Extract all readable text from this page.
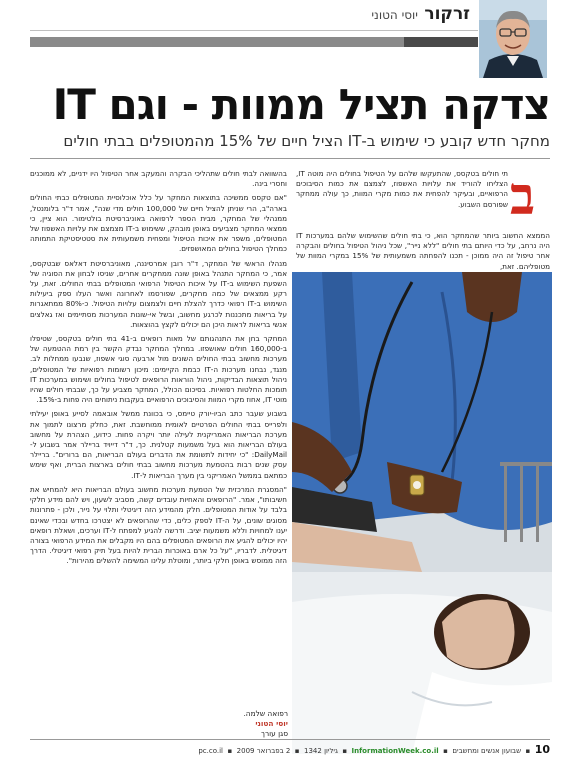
זרקור
יוסי הטוני
צדקה תציל ממוות - וגם IT
מחקר חדש קובע כי שימוש ב-IT הציל חיים של 15% מהמטופלים בבתי חולים
ב

תי חולים בטקסס, שהתעקשו שלהם על הטיפול בחולים היה מוטה IT, הצליחו להוריד את עלויות האשפוז, לצמצם את כמות הסיבוכים הרפואיים, ובעיקר להפחית את כמות מקרי המוות, כך עולה ממחקר שפורסם השבוע.

הממצא החשוב ביותר שהמחקר הוא, כי בתי חולים שהשימוש שלהם במערכות IT היה נרחב, על כדי היותם בתי חולים "ללא נייר", שכל ניהול הטיפול בחולים והבקרה אחר טיפול זה היה ממוכן - תכנו להפחתה משמעותית של 15% במקרי המוות של מטופליהם. זאת,

בהשוואה לבתי חולים שתהליכי הבקרה והמעקב אחר הטיפול היו ידניים, לא ממוכנים וחסרי בינה.

"אם טקסס ממשיכה בתוצאות המחקר על כלל אוכלוסיית המטופלים כבתי החולים בארה"ב, הרי שניתן להציל חיים של 100,000 חולים מדי שנה", אמר ד"ר בלומנטל, ממנהלי של המחקר, מבית הספר לרפואה באוניברסיטת בולטימור. הוא ציין, כי ממצאי המחקר מצביעים באופן מובהק, ששימוש ב-IT מצמצם את עלויות האשפוז של המטופלים, משפר את איכות הטיפול ומפחית משמעותית את סטטיסטיקת התמותה כמחלך הטיפול בחולים המאושפזים.

מנהלו הראשי של המחקר, ד"ר רובן אמרסיננה, מאוניברסיטת דאלאס שבטקסס, אמר, כי המחקר התנהל באופן שונה ממחקרים אחרים, שניסו לבחון את הסוגיה של השפעת השימוש ב-IT על איכות הטיפול הרפואי המטופלים בבתי החולים. זאת, על רקע ממצאים של כמה מחקרים, שפורסמו לאחרונה ואשר העלו ספק ביעילות השימוש ב-IT רפואי כדרך להצלת חיים ולצמצום עלויות הטיפול. כ-80% ממתאגרות על בריאות מתכננות לכרגע מחשוב, ובשל אי-שונות המערכות מסתיימים ואז גאלצים אנשי בריאות לראות היכן הם יכולים לקצץ בהוצאות.

המחקר בחן את התנהגותם של מאות רופאים ב-41 בתי חולים בטקסס, שטיפלו ב-160,000 חולים שאושפזו. במחלך המחקר נבדק הקשר בין רמת ההטמעה של מערכות מחשוב בבתי החולים השונים מול ארבעה סוגי אשפוז, שנבעו ממחלות לב. מנגד, נבחנו מערכות ה-IT כבמת הקיימים: מיכון רשומות רפואיות של המטופלים, ניהול תוצאות הבדיקות, ניהול הוראות הרופאים לטיפול בחולים ושימוש במערכות IT תומכות החלטות רפואיות. בסיכום הכולל, המחקר מצביע על כך, שבבתי חולים שהיו מוטי IT, אחוז מקרי המוות והסיבוכים הרפואיים בעקבות ניתוחים היה פחות ב-15%.

בשבוע שעבר כתב הביו-יורק טיימס, כי בכוונת ממשל אובאמה לסייע באופן יעילתי ולפרייס בבתי החולים הפרטיים לאומית ממוחשבת. זאת, כחלק מרצונו לתמוך את מערכת הבריאות האמריקנית לעילה יותר ויקרה פחות. כידוע, הצהרת על מחשוב בעולם הבריאות הוא בעל משמעות קטלנית. כך, ד"ר דייויד בריילר אמר בשבוע ל-DailyMail: "כי יחידות לתשומת את הדברים בעולם הבריאות, הם ברורים". בריילר עסק שנים רבות בהטמעת מערכות מחשוב בבתי חולים בארצות הברית, ואף שימש כמתאם בממשל האמריקני בין מערך הבריאות ל-IT.

"המסגרת המרכזית של הטמעת מערכות מחשוב בעולם הבריאות היא להמחיש את חשיבותו", אמר. "הרופאים והאחיות עובדים קשה, מסביב לשעון, ויש להם מידע חלקי בלבד על אודות המטופלים. חלק מהמידע הזה דיגיטלי ותלוי על נייר, ולכן - פתרונות מסוגים שונים, על ה-IT לספק כלים, כדי שהרופאים לא יצטרכו בחדש ובכדי שאינם יענו למחויות וללא משמעות יציב. ודרשה להגיע למפתח ל-IT וערכים, ושאלת רופאים יהיו יכולים להגיע את הרופאים המטופלים בהם היו מקבלים את המידע הרפואי בצורה דיגיטלית. לדבריו, "על כל ארם באוכרות הברית להיות בעל תיק רפואי דיגיטלי. הדרך הזה ממוסש באופן חלקי ביותר, ומוטלת עלינו המשימה להשלים מהירות".

רפואה שלמה.
יוסי הטוני
סגן עורך
10  ▪  שבועון אנשים ומחשבים  ▪  InformationWeek.co.il  ▪  גיליון 1342  ▪  2 בפברואר 2009  ▪  pc.co.il
